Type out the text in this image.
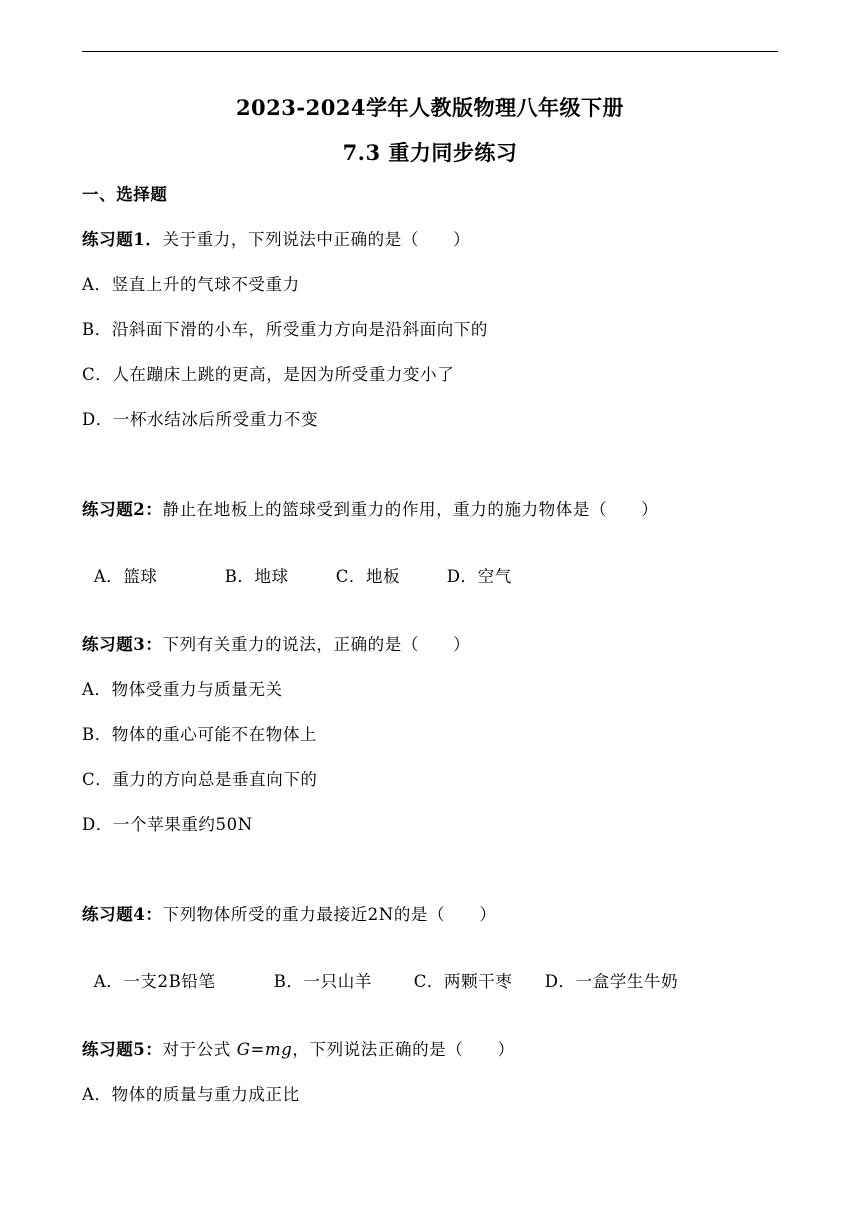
2023-2024学年人教版物理八年级下册
7.3 重力同步练习
一、选择题
练习题1．关于重力，下列说法中正确的是（　　）
A．竖直上升的气球不受重力
B．沿斜面下滑的小车，所受重力方向是沿斜面向下的
C．人在蹦床上跳的更高，是因为所受重力变小了
D．一杯水结冰后所受重力不变
练习题2：静止在地板上的篮球受到重力的作用，重力的施力物体是（　　）

A．篮球	B．地球	C．地板	D．空气

练习题3：下列有关重力的说法，正确的是（　　）
A．物体受重力与质量无关
B．物体的重心可能不在物体上
C．重力的方向总是垂直向下的
D．一个苹果重约50N
练习题4：下列物体所受的重力最接近2N的是（　　）

A．一支2B铅笔	B．一只山羊	C．两颗干枣 D．一盒学生牛奶

练习题5：对于公式 G=mg，下列说法正确的是（　　）
A．物体的质量与重力成正比
